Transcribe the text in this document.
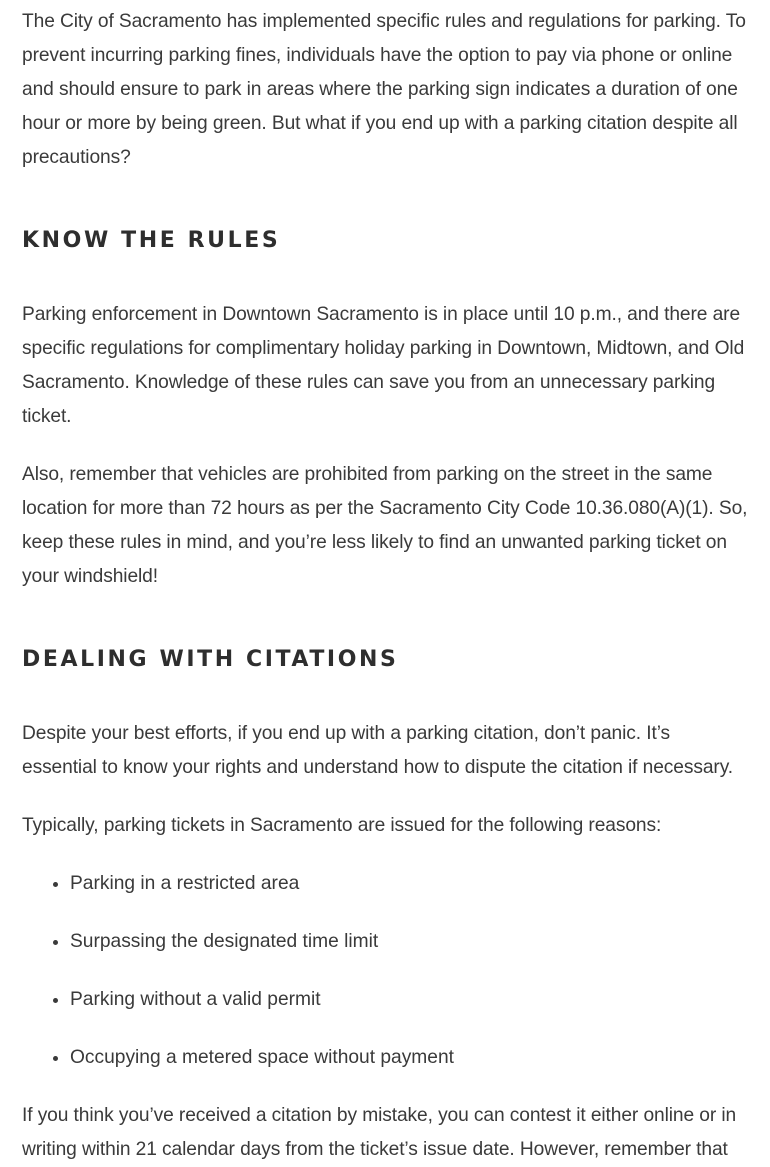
The City of Sacramento has implemented specific rules and regulations for parking. To prevent incurring parking fines, individuals have the option to pay via phone or online and should ensure to park in areas where the parking sign indicates a duration of one hour or more by being green. But what if you end up with a parking citation despite all precautions?

KNOW THE RULES

Parking enforcement in Downtown Sacramento is in place until 10 p.m., and there are specific regulations for complimentary holiday parking in Downtown, Midtown, and Old Sacramento. Knowledge of these rules can save you from an unnecessary parking ticket.

Also, remember that vehicles are prohibited from parking on the street in the same location for more than 72 hours as per the Sacramento City Code 10.36.080(A)(1). So, keep these rules in mind, and you’re less likely to find an unwanted parking ticket on your windshield!

DEALING WITH CITATIONS

Despite your best efforts, if you end up with a parking citation, don’t panic. It’s essential to know your rights and understand how to dispute the citation if necessary.

Typically, parking tickets in Sacramento are issued for the following reasons:

• Parking in a restricted area
• Surpassing the designated time limit
• Parking without a valid permit
• Occupying a metered space without payment

If you think you’ve received a citation by mistake, you can contest it either online or in writing within 21 calendar days from the ticket’s issue date. However, remember that
